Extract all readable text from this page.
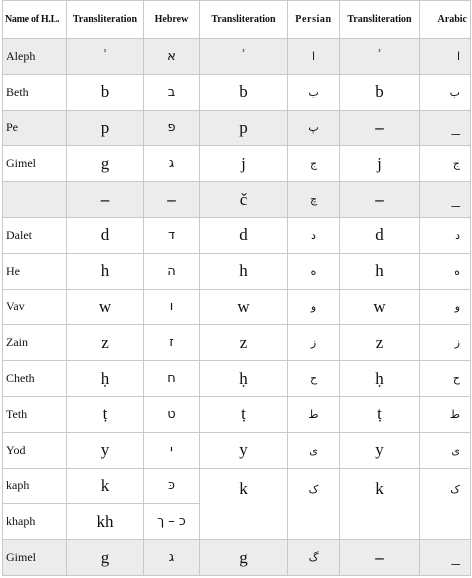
Name of H.L.	Transliteration	Hebrew	Transliteration	Persian	Transliteration	Arabic
Aleph	ʾ	א	ʾ	ا	ʾ	ا
Beth	b	ב	b	ب	b	ب
Pe	p	פ	p	پ	–	_
Gimel	g	ג	j	ج	j	ج
	–	–	č	چ	–	_
Dalet	d	ד	d	د	d	د
He	h	ה	h	ه	h	ه
Vav	w	ו	w	و	w	و
Zain	z	ז	z	ز	z	ز
Cheth	ḥ	ח	ḥ	ح	ḥ	ح
Teth	ṭ	ט	ṭ	ط	ṭ	ط
Yod	y	י	y	ی	y	ی
kaph	k	כּ	k	ک	k	ک
khaph	kh	כ – ך				
Gimel	g	ג	g	گ	–	_
